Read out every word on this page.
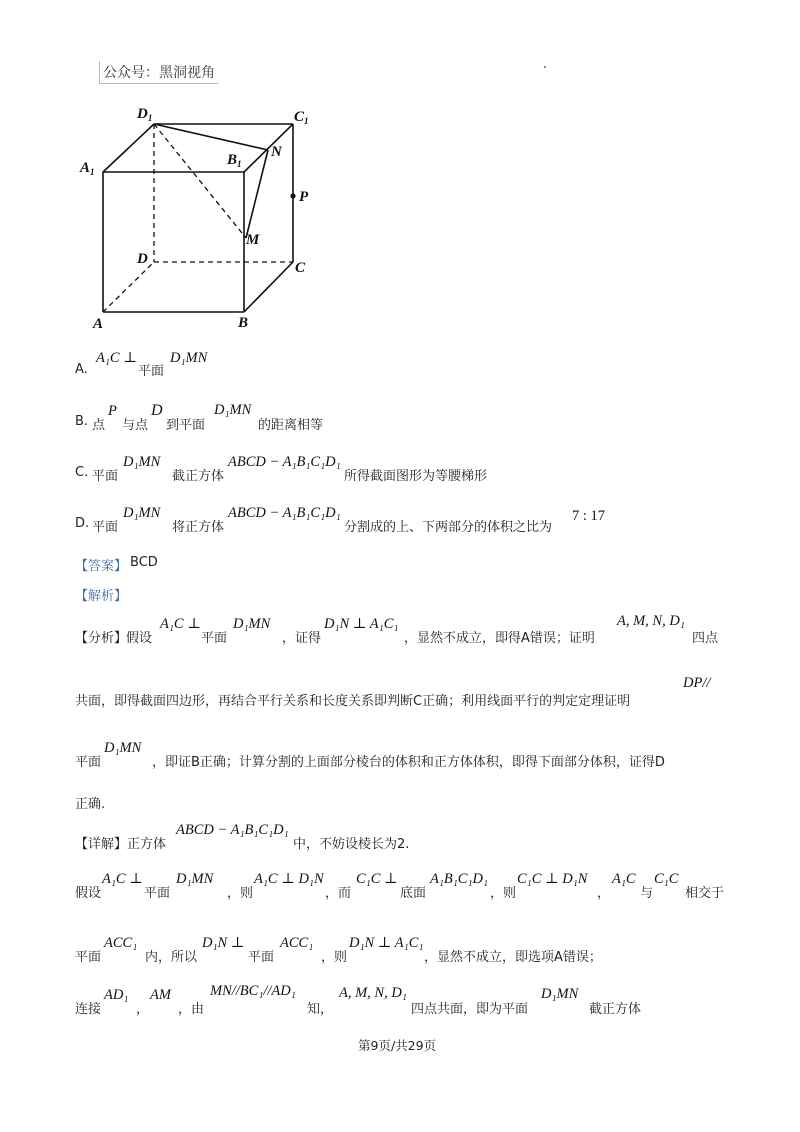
公众号：黑洞视角
$D_1$	$C_1$
$A_1$
$B_1$
N
P
M
D
C
A	B
A.
A₁C ⊥
平面
D₁MN
B. 点
P
与点
D
到平面
D₁MN
的距离相等
C. 平面
D₁MN
截正方体
ABCD − A₁B₁C₁D₁
所得截面图形为等腰梯形
D. 平面
D₁MN
将正方体
ABCD − A₁B₁C₁D₁
分割成的上、下两部分的体积之比为
7 : 17
【答案】 BCD
【解析】
【分析】
假设
A₁C ⊥
平面
D₁MN
，证得
D₁N ⊥ A₁C₁
，显然不成立，即得A错误；证明
A, M, N, D₁
四点
共面，即得截面四边形，再结合平行关系和长度关系即判断C正确；利用线面平行的判定定理证明
DP//
平面
D₁MN
，即证B正确；计算分割的上面部分棱台的体积和正方体体积，即得下面部分体积，证得D
正确.
【详解】 正方体
ABCD − A₁B₁C₁D₁
中，不妨设棱长为2.
假设
A₁C ⊥
平面
D₁MN
，则
A₁C ⊥ D₁N
，而
C₁C ⊥
底面
A₁B₁C₁D₁
，则
C₁C ⊥ D₁N
，
A₁C
与
C₁C
相交于
平面
ACC₁
内，所以
D₁N ⊥
平面
ACC₁
，则
D₁N ⊥ A₁C₁
，显然不成立，即选项A错误；
连接
AD₁
，
AM
，由
MN//BC₁//AD₁
知，
A, M, N, D₁
四点共面，即为平面
D₁MN
截正方体
第9页/共29页
